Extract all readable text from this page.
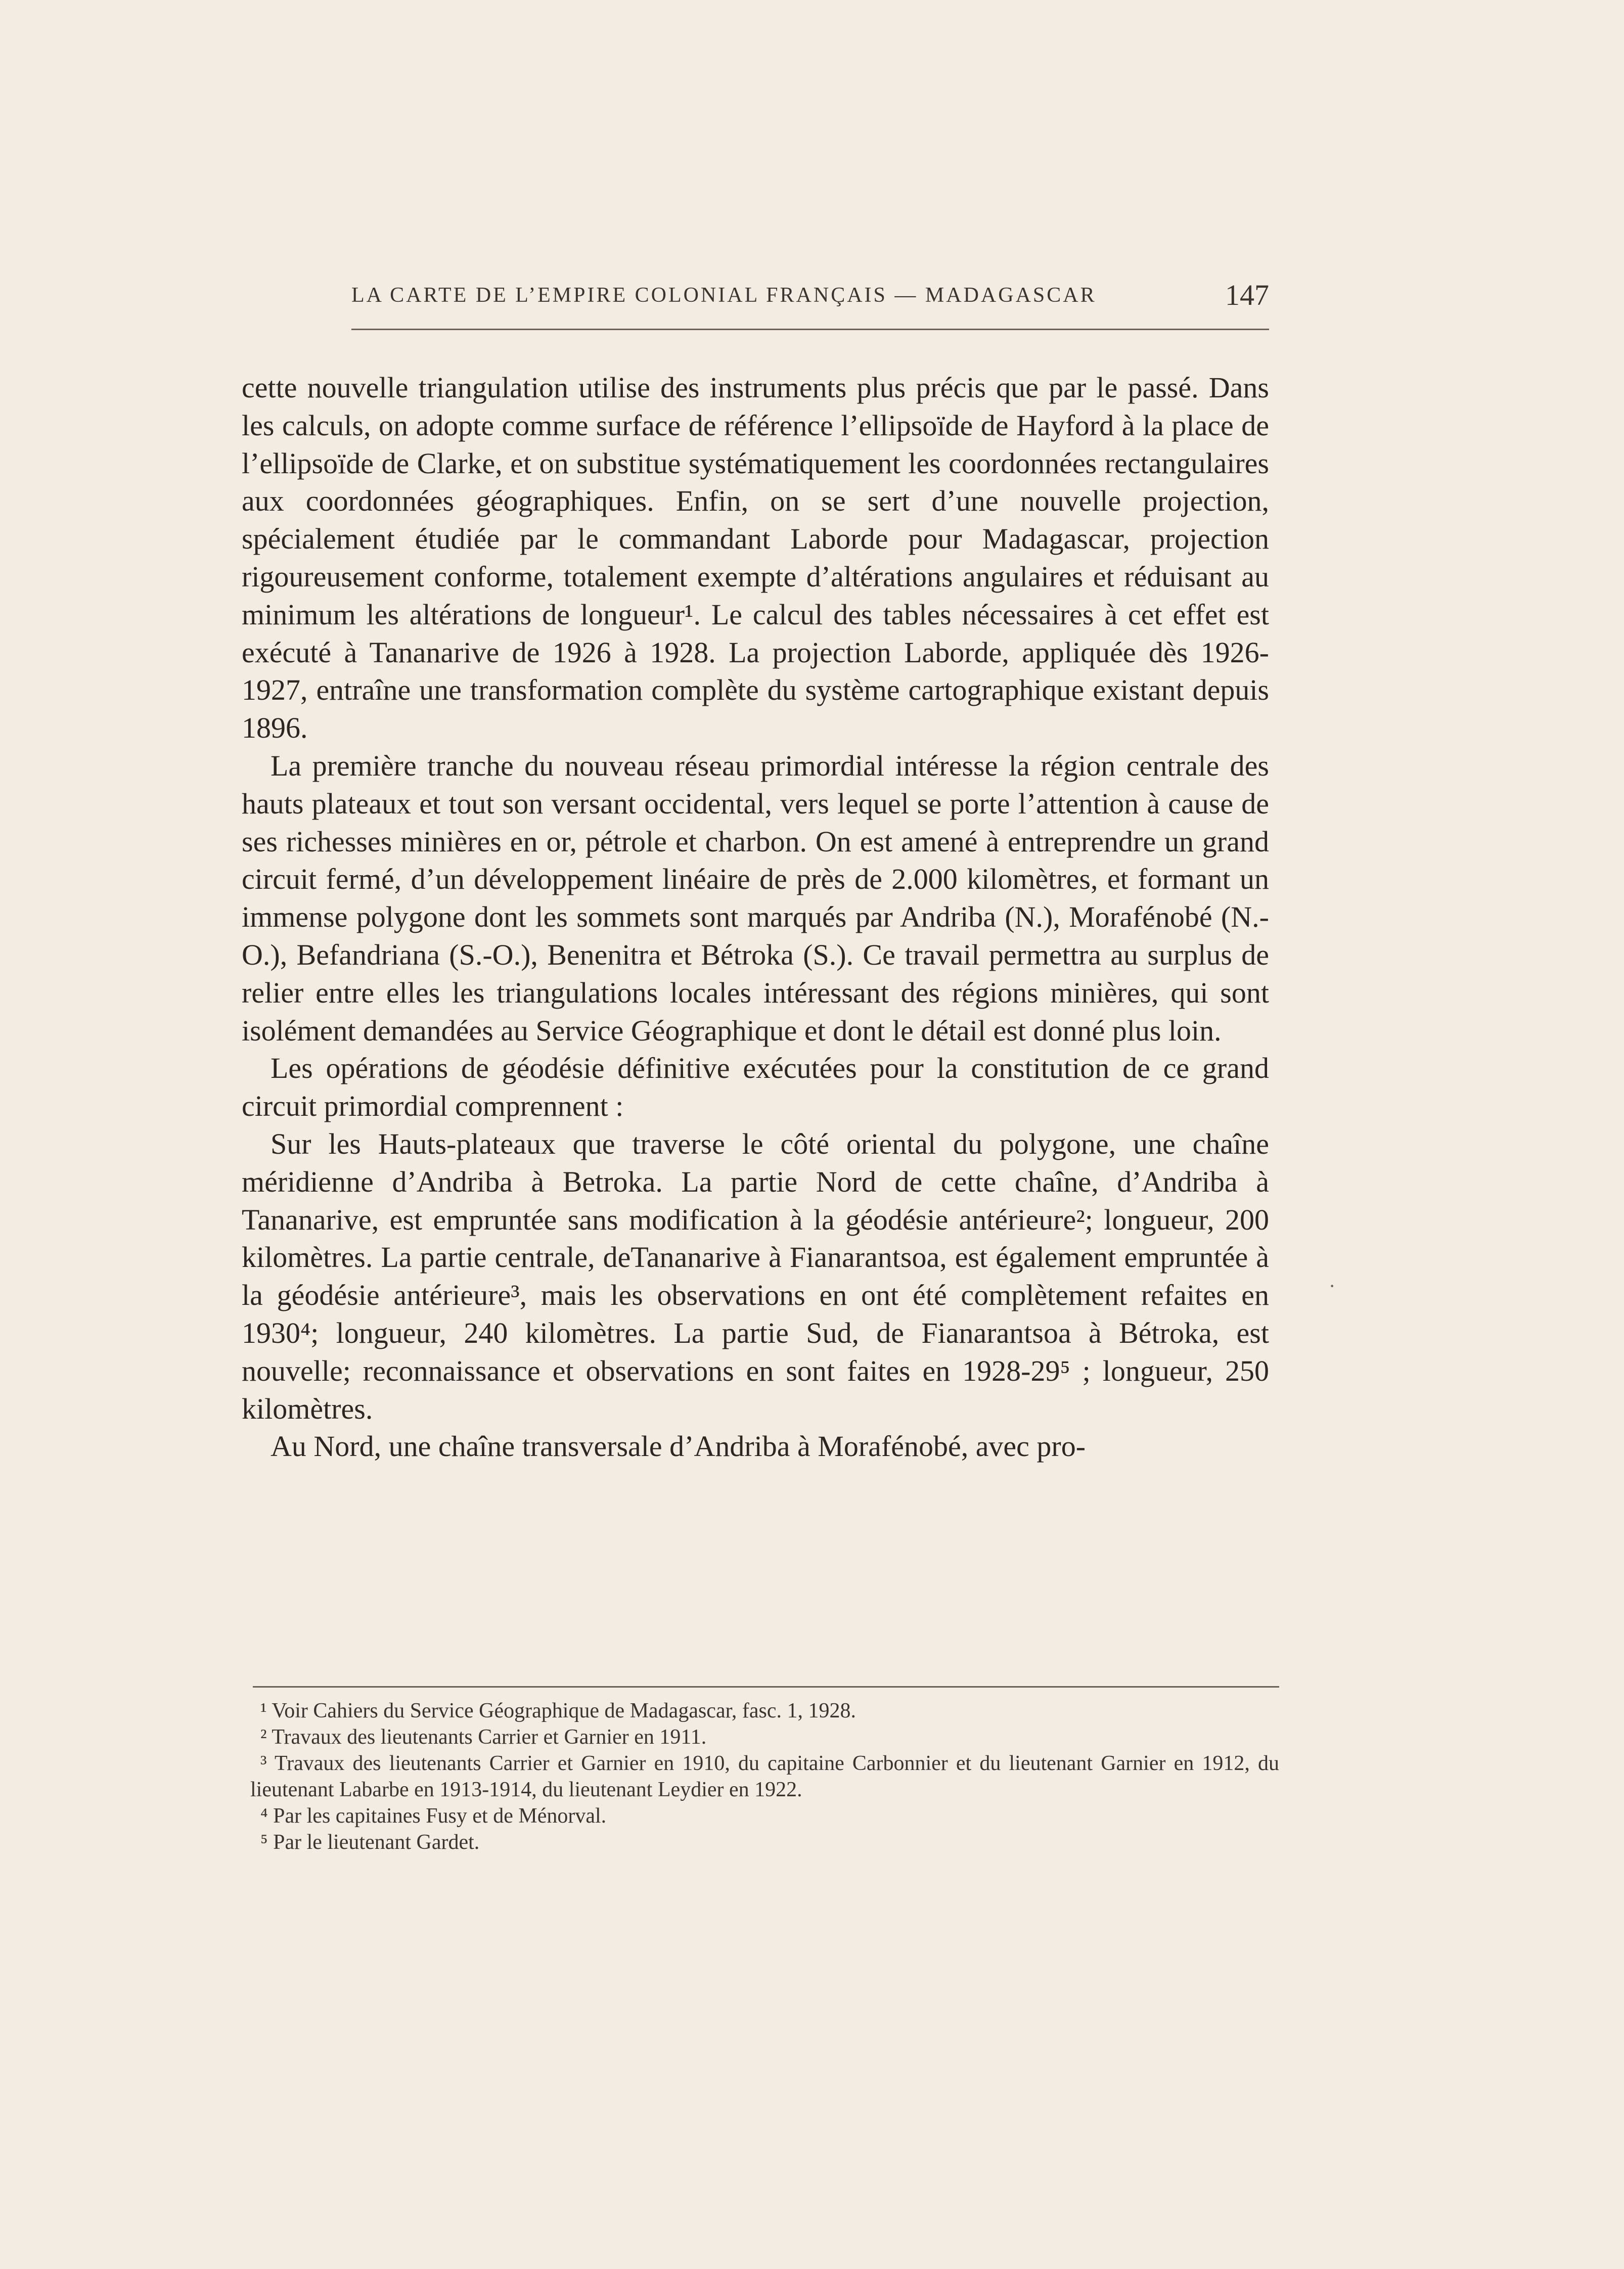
LA CARTE DE L’EMPIRE COLONIAL FRANÇAIS — MADAGASCAR	147

cette nouvelle triangulation utilise des instruments plus précis que par le passé. Dans les calculs, on adopte comme surface de référence l’ellipsoïde de Hayford à la place de l’ellipsoïde de Clarke, et on substitue systématiquement les coordonnées rectangulaires aux coordonnées géographiques. Enfin, on se sert d’une nouvelle projection, spécialement étudiée par le commandant Laborde pour Madagascar, projection rigoureusement conforme, totalement exempte d’altérations angulaires et réduisant au minimum les altérations de longueur¹. Le calcul des tables nécessaires à cet effet est exécuté à Tananarive de 1926 à 1928. La projection Laborde, appliquée dès 1926-1927, entraîne une transformation complète du système cartographique existant depuis 1896.

La première tranche du nouveau réseau primordial intéresse la région centrale des hauts plateaux et tout son versant occidental, vers lequel se porte l’attention à cause de ses richesses minières en or, pétrole et charbon. On est amené à entreprendre un grand circuit fermé, d’un développement linéaire de près de 2.000 kilomètres, et formant un immense polygone dont les sommets sont marqués par Andriba (N.), Morafénobé (N.-O.), Befandriana (S.-O.), Benenitra et Bétroka (S.). Ce travail permettra au surplus de relier entre elles les triangulations locales intéressant des régions minières, qui sont isolément demandées au Service Géographique et dont le détail est donné plus loin.

Les opérations de géodésie définitive exécutées pour la constitution de ce grand circuit primordial comprennent :

Sur les Hauts-plateaux que traverse le côté oriental du polygone, une chaîne méridienne d’Andriba à Betroka. La partie Nord de cette chaîne, d’Andriba à Tananarive, est empruntée sans modification à la géodésie antérieure²; longueur, 200 kilomètres. La partie centrale, deTananarive à Fianarantsoa, est également empruntée à la géodésie antérieure³, mais les observations en ont été complètement refaites en 1930⁴; longueur, 240 kilomètres. La partie Sud, de Fianarantsoa à Bétroka, est nouvelle; reconnaissance et observations en sont faites en 1928-29⁵ ; longueur, 250 kilomètres.

Au Nord, une chaîne transversale d’Andriba à Morafénobé, avec pro-

·

¹ Voir Cahiers du Service Géographique de Madagascar, fasc. 1, 1928.

² Travaux des lieutenants Carrier et Garnier en 1911.

³ Travaux des lieutenants Carrier et Garnier en 1910, du capitaine Carbonnier et du lieutenant Garnier en 1912, du lieutenant Labarbe en 1913-1914, du lieutenant Leydier en 1922.

⁴ Par les capitaines Fusy et de Ménorval.

⁵ Par le lieutenant Gardet.
